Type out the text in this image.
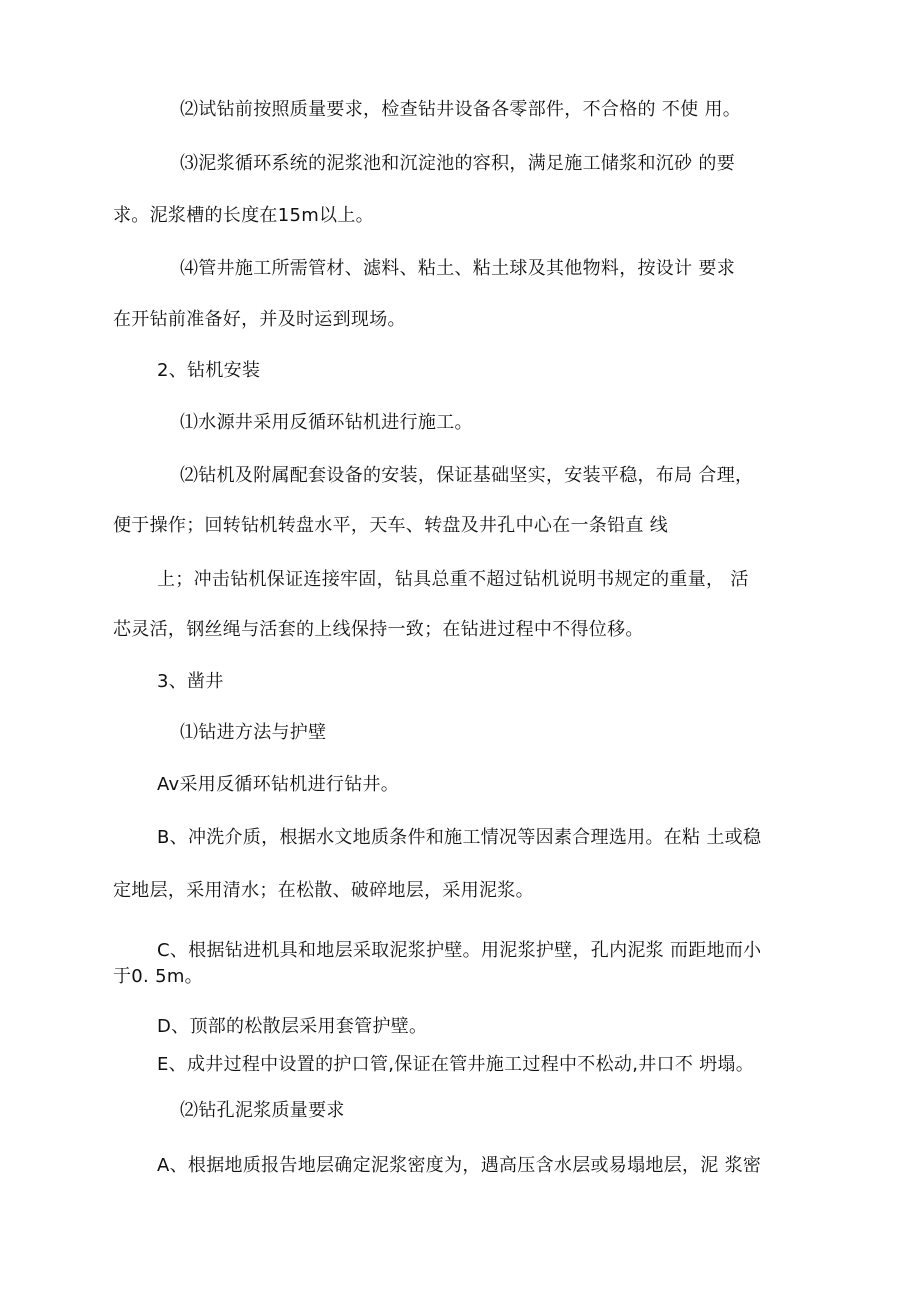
⑵试钻前按照质量要求，检查钻井设备各零部件，不合格的 不使 用。
⑶泥浆循环系统的泥浆池和沉淀池的容积，满足施工储浆和沉砂 的要
求。泥浆槽的长度在15m以上。
⑷管井施工所需管材、滤料、粘土、粘土球及其他物料，按设计 要求
在开钻前准备好，并及时运到现场。
2、钻机安装
⑴水源井采用反循环钻机进行施工。
⑵钻机及附属配套设备的安装，保证基础坚实，安装平稳，布局 合理，
便于操作；回转钻机转盘水平，天车、转盘及井孔中心在一条铅直 线
上；冲击钻机保证连接牢固，钻具总重不超过钻机说明书规定的重量， 活
芯灵活，钢丝绳与活套的上线保持一致；在钻进过程中不得位移。
3、凿井
⑴钻进方法与护壁
Av采用反循环钻机进行钻井。
B、冲洗介质，根据水文地质条件和施工情况等因素合理选用。在粘 土或稳
定地层，采用清水；在松散、破碎地层，采用泥浆。
C、根据钻进机具和地层采取泥浆护壁。用泥浆护壁，孔内泥浆 而距地而小
于0. 5m。
D、顶部的松散层采用套管护壁。
E、成井过程中设置的护口管,保证在管井施工过程中不松动,井口不 坍塌。
⑵钻孔泥浆质量要求
A、根据地质报告地层确定泥浆密度为，遇高压含水层或易塌地层，泥 浆密
